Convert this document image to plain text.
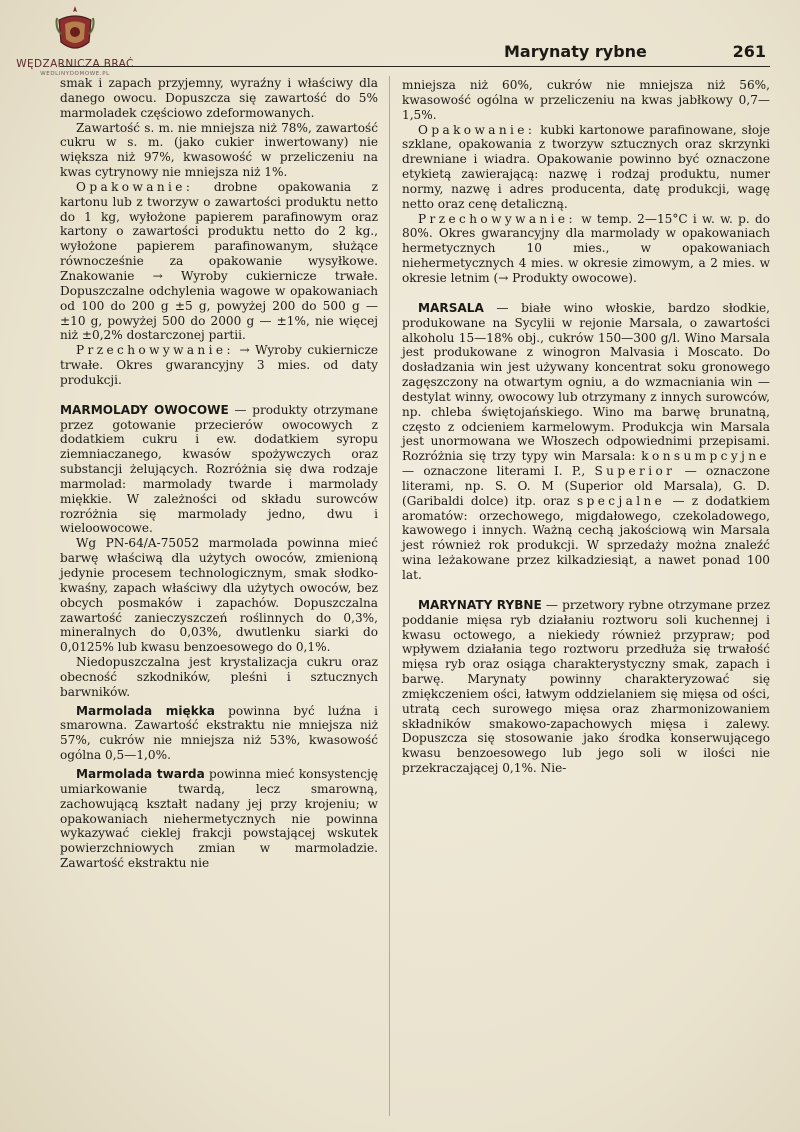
WĘDZARNICZA BRAĆ
WEDLINYDOMOWE.PL
Marynaty rybne	261

smak i zapach przyjemny, wyraźny i właściwy dla danego owocu. Dopuszcza się zawartość do 5% marmoladek częściowo zdeformowanych.

Zawartość s. m. nie mniejsza niż 78%, zawartość cukru w s. m. (jako cukier inwertowany) nie większa niż 97%, kwasowość w przeliczeniu na kwas cytrynowy nie mniejsza niż 1%.

Opakowanie: drobne opakowania z kartonu lub z tworzyw o zawartości produktu netto do 1 kg, wyłożone papierem parafinowym oraz kartony o zawartości produktu netto do 2 kg., wyłożone papierem parafinowanym, służące równocześnie za opakowanie wysyłkowe. Znakowanie → Wyroby cukiernicze trwałe. Dopuszczalne odchylenia wagowe w opakowaniach od 100 do 200 g ±5 g, powyżej 200 do 500 g — ±10 g, powyżej 500 do 2000 g — ±1%, nie więcej niż ±0,2% dostarczonej partii.

Przechowywanie: → Wyroby cukiernicze trwałe. Okres gwarancyjny 3 mies. od daty produkcji.

MARMOLADY OWOCOWE — produkty otrzymane przez gotowanie przecierów owocowych z dodatkiem cukru i ew. dodatkiem syropu ziemniaczanego, kwasów spożywczych oraz substancji żelujących. Rozróżnia się dwa rodzaje marmolad: marmolady twarde i marmolady miękkie. W zależności od składu surowców rozróżnia się marmolady jedno, dwu i wieloowocowe.

Wg PN-64/A-75052 marmolada powinna mieć barwę właściwą dla użytych owoców, zmienioną jedynie procesem technologicznym, smak słodko-kwaśny, zapach właściwy dla użytych owoców, bez obcych posmaków i zapachów. Dopuszczalna zawartość zanieczyszczeń roślinnych do 0,3%, mineralnych do 0,03%, dwutlenku siarki do 0,0125% lub kwasu benzoesowego do 0,1%.

Niedopuszczalna jest krystalizacja cukru oraz obecność szkodników, pleśni i sztucznych barwników.

Marmolada miękka powinna być luźna i smarowna. Zawartość ekstraktu nie mniejsza niż 57%, cukrów nie mniejsza niż 53%, kwasowość ogólna 0,5—1,0%.

Marmolada twarda powinna mieć konsystencję umiarkowanie twardą, lecz smarowną, zachowującą kształt nadany jej przy krojeniu; w opakowaniach niehermetycznych nie powinna wykazywać cieklej frakcji powstającej wskutek powierzchniowych zmian w marmoladzie. Zawartość ekstraktu nie

mniejsza niż 60%, cukrów nie mniejsza niż 56%, kwasowość ogólna w przeliczeniu na kwas jabłkowy 0,7—1,5%.

Opakowanie: kubki kartonowe parafinowane, słoje szklane, opakowania z tworzyw sztucznych oraz skrzynki drewniane i wiadra. Opakowanie powinno być oznaczone etykietą zawierającą: nazwę i rodzaj produktu, numer normy, nazwę i adres producenta, datę produkcji, wagę netto oraz cenę detaliczną.

Przechowywanie: w temp. 2—15°C i w. w. p. do 80%. Okres gwarancyjny dla marmolady w opakowaniach hermetycznych 10 mies., w opakowaniach niehermetycznych 4 mies. w okresie zimowym, a 2 mies. w okresie letnim (→ Produkty owocowe).

MARSALA — białe wino włoskie, bardzo słodkie, produkowane na Sycylii w rejonie Marsala, o zawartości alkoholu 15—18% obj., cukrów 150—300 g/l. Wino Marsala jest produkowane z winogron Malvasia i Moscato. Do dosładzania win jest używany koncentrat soku gronowego zagęszczony na otwartym ogniu, a do wzmacniania win — destylat winny, owocowy lub otrzymany z innych surowców, np. chleba świętojańskiego. Wino ma barwę brunatną, często z odcieniem karmelowym. Produkcja win Marsala jest unormowana we Włoszech odpowiednimi przepisami. Rozróżnia się trzy typy win Marsala: konsumpcyjne — oznaczone literami I. P., Superior — oznaczone literami, np. S. O. M (Superior old Marsala), G. D. (Garibaldi dolce) itp. oraz specjalne — z dodatkiem aromatów: orzechowego, migdałowego, czekoladowego, kawowego i innych. Ważną cechą jakościową win Marsala jest również rok produkcji. W sprzedaży można znaleźć wina leżakowane przez kilkadziesiąt, a nawet ponad 100 lat.

MARYNATY RYBNE — przetwory rybne otrzymane przez poddanie mięsa ryb działaniu roztworu soli kuchennej i kwasu octowego, a niekiedy również przypraw; pod wpływem działania tego roztworu przedłuża się trwałość mięsa ryb oraz osiąga charakterystyczny smak, zapach i barwę. Marynaty powinny charakteryzować się zmiękczeniem ości, łatwym oddzielaniem się mięsa od ości, utratą cech surowego mięsa oraz zharmonizowaniem składników smakowo-zapachowych mięsa i zalewy. Dopuszcza się stosowanie jako środka konserwującego kwasu benzoesowego lub jego soli w ilości nie przekraczającej 0,1%. Nie-
